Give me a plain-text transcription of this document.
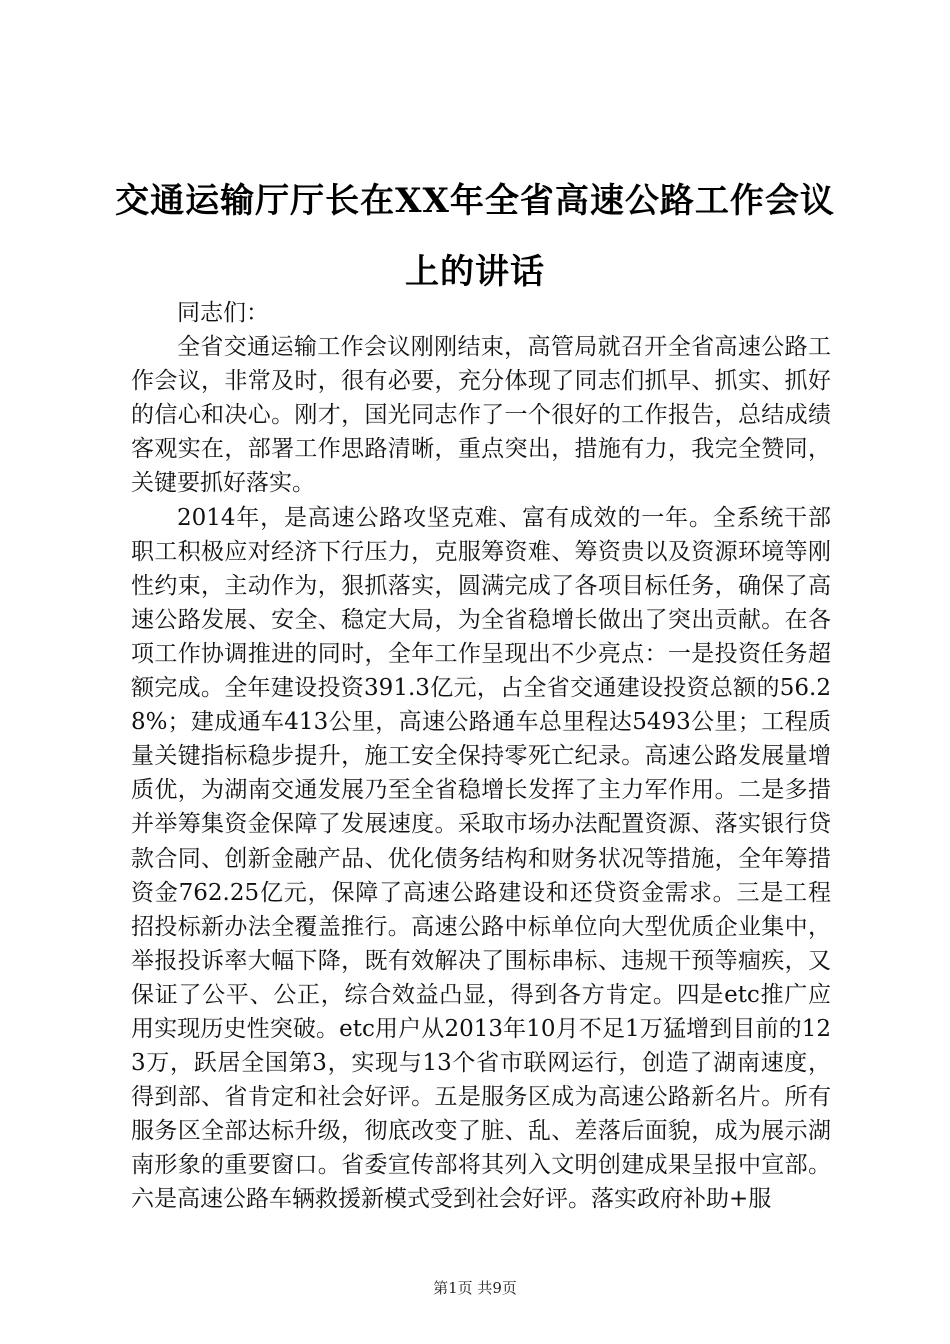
交通运输厅厅长在XX年全省高速公路工作会议上的讲话

同志们：

全省交通运输工作会议刚刚结束，高管局就召开全省高速公路工作会议，非常及时，很有必要，充分体现了同志们抓早、抓实、抓好的信心和决心。刚才，国光同志作了一个很好的工作报告，总结成绩客观实在，部署工作思路清晰，重点突出，措施有力，我完全赞同，关键要抓好落实。

2014年，是高速公路攻坚克难、富有成效的一年。全系统干部职工积极应对经济下行压力，克服筹资难、筹资贵以及资源环境等刚性约束，主动作为，狠抓落实，圆满完成了各项目标任务，确保了高速公路发展、安全、稳定大局，为全省稳增长做出了突出贡献。在各项工作协调推进的同时，全年工作呈现出不少亮点：一是投资任务超额完成。全年建设投资391.3亿元，占全省交通建设投资总额的56.28%；建成通车413公里，高速公路通车总里程达5493公里；工程质量关键指标稳步提升，施工安全保持零死亡纪录。高速公路发展量增质优，为湖南交通发展乃至全省稳增长发挥了主力军作用。二是多措并举筹集资金保障了发展速度。采取市场办法配置资源、落实银行贷款合同、创新金融产品、优化债务结构和财务状况等措施，全年筹措资金762.25亿元，保障了高速公路建设和还贷资金需求。三是工程招投标新办法全覆盖推行。高速公路中标单位向大型优质企业集中，举报投诉率大幅下降，既有效解决了围标串标、违规干预等痼疾，又保证了公平、公正，综合效益凸显，得到各方肯定。四是etc推广应用实现历史性突破。etc用户从2013年10月不足1万猛增到目前的123万，跃居全国第3，实现与13个省市联网运行，创造了湖南速度，得到部、省肯定和社会好评。五是服务区成为高速公路新名片。所有服务区全部达标升级，彻底改变了脏、乱、差落后面貌，成为展示湖南形象的重要窗口。省委宣传部将其列入文明创建成果呈报中宣部。六是高速公路车辆救援新模式受到社会好评。落实政府补助+服

第1页 共9页
